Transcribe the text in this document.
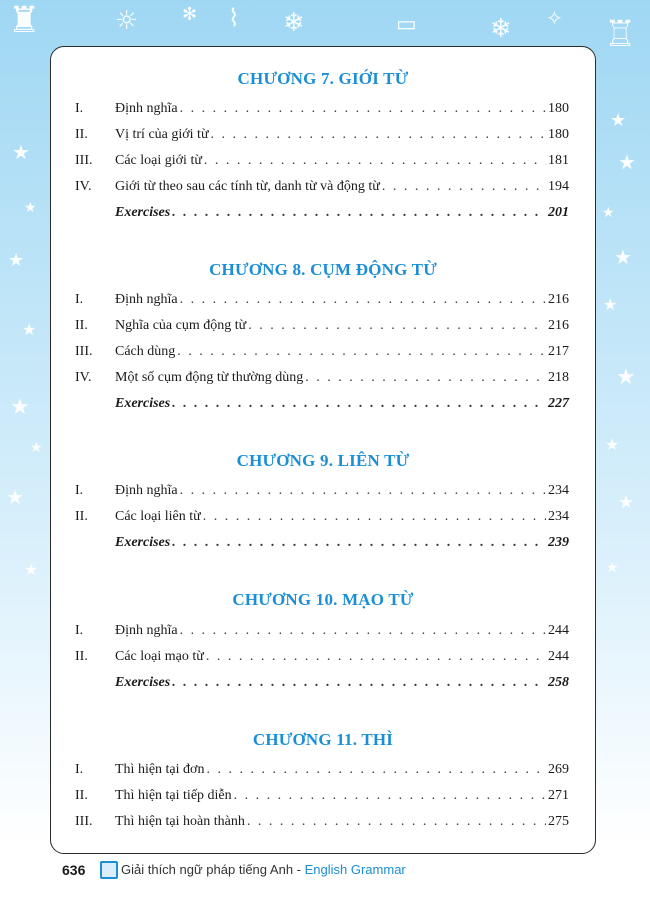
♜	☼	⌇ ❄	▭	❄ ✧ ♖
✻
★
★
★
★
★
★
★
★
★
★
★
★
★
★
★
★
★
CHƯƠNG 7. GIỚI TỪ
I.	Định nghĩa . . .	180
II.	Vị trí của giới từ . . .	180
III.	Các loại giới từ . . .	181
IV.	Giới từ theo sau các tính từ, danh từ và động từ . . .	194
Exercises . . .	201
CHƯƠNG 8. CỤM ĐỘNG TỪ
I.	Định nghĩa . . .	216
II.	Nghĩa của cụm động từ . . .	216
III.	Cách dùng . . .	217
IV.	Một số cụm động từ thường dùng . . .	218
Exercises . . .	227
CHƯƠNG 9. LIÊN TỪ
I.	Định nghĩa . . .	234
II.	Các loại liên từ . . .	234
Exercises . . .	239
CHƯƠNG 10. MẠO TỪ
I.	Định nghĩa . . .	244
II.	Các loại mạo từ . . .	244
Exercises . . .	258
CHƯƠNG 11. THÌ
I.	Thì hiện tại đơn . . .	269
II.	Thì hiện tại tiếp diễn . . .	271
III.	Thì hiện tại hoàn thành . . .	275
636	Giải thích ngữ pháp tiếng Anh - English Grammar
